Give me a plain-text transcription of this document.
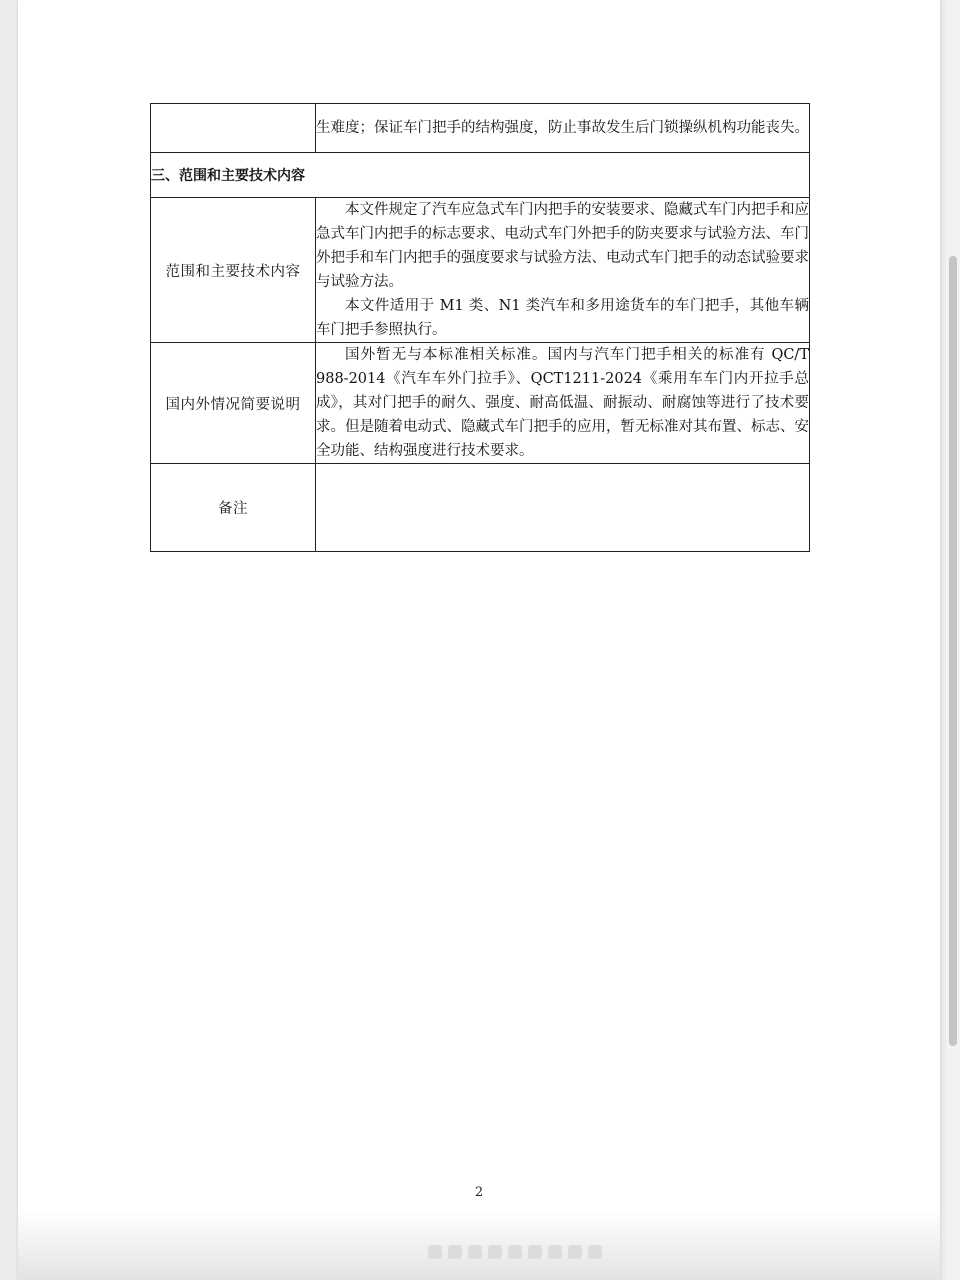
	生难度；保证车门把手的结构强度，防止事故发生后门锁操纵机构功能丧失。

三、范围和主要技术内容	
范围和主要技术内容	本文件规定了汽车应急式车门内把手的安装要求、隐藏式车门内把手和应急式车门内把手的标志要求、电动式车门外把手的防夹要求与试验方法、车门外把手和车门内把手的强度要求与试验方法、电动式车门把手的动态试验要求与试验方法。

本文件适用于 M1 类、N1 类汽车和多用途货车的车门把手，其他车辆车门把手参照执行。

国内外情况简要说明	国外暂无与本标准相关标准。国内与汽车门把手相关的标准有 QC/T 988-2014《汽车车外门拉手》、QCT1211-2024《乘用车车门内开拉手总成》，其对门把手的耐久、强度、耐高低温、耐振动、耐腐蚀等进行了技术要求。但是随着电动式、隐藏式车门把手的应用，暂无标准对其布置、标志、安全功能、结构强度进行技术要求。

备注	
2
